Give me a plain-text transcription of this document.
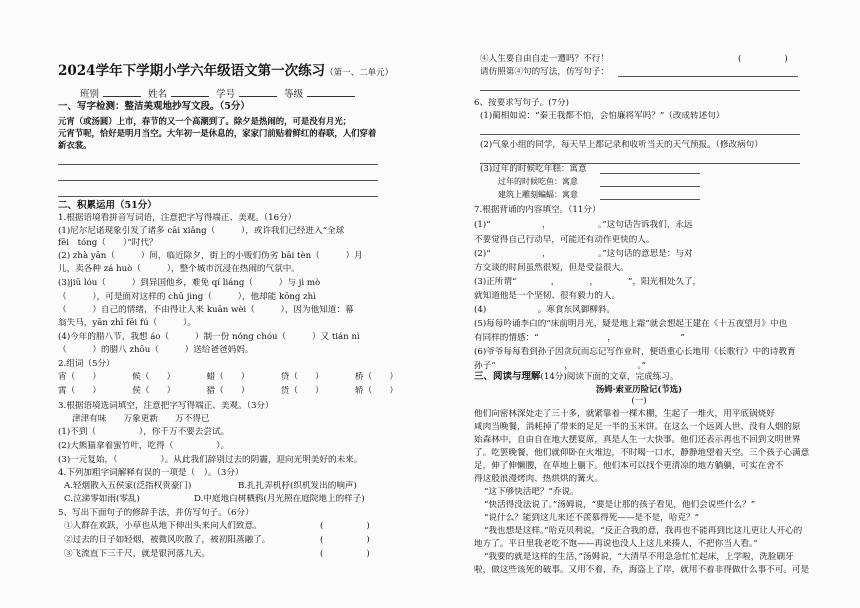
2024学年下学期小学六年级语文第一次练习（第一、二单元）
班别	姓名	学号	等级
一、写字检测：整洁美观地抄写文段。（5分）
元宵（或汤圆）上市，春节的又一个高潮到了。除夕是热闹的，可是没有月光；
元宵节呢，恰好是明月当空。大年初一是休息的，家家门前贴着鲜红的春联，人们穿着
新衣裳。
二、积累运用（51分）
1.根据语境看拼音写词语，注意把字写得端正、美观。（16分）
(1)尼尔尼诺现象引发了诸多 cāi xiǎng（　　　），或许我们已经进入“全球
fēi　tóng（　　）”时代？
(2) zhà yān（　　　）间，临近除夕，街上的小贩们伪劣 bāi tèn（　　　）月
儿，卖各种 zá huò（　　　），整个城市沉浸在热闹的气氛中。
(3)jiū lóu（　　　）到异国他乡，难免 qí liáng（　　　）与 jì mò
（　　　），可是面对这样的 chū jìng（　　　），他却能 kōng zhì
（　　　）自己的情绪，不由得让人来 kuān wèi（　　　），因为他知道：幕
翁失马，yān zhī fēi fú（　　　）。
(4)今年的腊八节，我想 áo（　　　）制一份 nóng chóu（　　　）又 tián nì
（　　　）的腊八 zhōu（　　　）送给爸爸妈妈。
2.组词（5分）
宵（　　）	候（　　）	蜡（　　）	贷（　　）	桥（　　）
霄（　　）	侯（　　）	猎（　　）	货（　　）	轿（　　）
3.根据语境选词填空，注意把字写得端正、美观。（3分）
津津有味　　万象更新　　万不得已
(1)不到（　　　　　），你千万不要去尝试。
(2)大熊猫拿着蜜竹叶，吃得（　　　　　）。
(3)一元复始，（　　　　　）。从此我们辞别过去的阴霾，迎向光明美好的未来。
4.下列加粗字词解释有误的一项是（　）。（3分）
A.轻烟散入五侯家(泛指权贵豪门)	B.扎扎弄机杼(织机发出的响声)
C.泣涕零如雨(零乱)	D.中庭地白树栖鸦(月光照在庭院地上的样子)
5、写出下面句子的修辞手法，并仿写句子。（6分）
①人群在欢跃，小草也从地下伸出头来向人们致意。	(　　　　　)
②过去的日子如轻烟，被微风吹散了，被初阳蒸融了。	(　　　　　)
③飞流直下三千尺，就是银河落九天。	(　　　　　)
④人生要自由自走一遭吗？不行！	(　　　　　)
请仿照第④句的写法，仿写句子：
6、按要求写句子。(7分)
(1)蔺相如说：“秦王我都不怕，会怕廉将军吗？”（改成转述句）
(2)气象小组的同学，每天早上都记录和收听当天的天气预报。（修改病句）
(3)过年的时候吃年糕：寓意
过年的时候吃鱼：寓意
建筑上雕刻蝙蝠：寓意
7.根据背诵的内容填空。（11分）
(1)“　　　　　　，　　　　　　。”这句话告诉我们，永远
不要觉得自己行动早，可能还有动作更快的人。
(2)“　　　　　　，　　　　　　。”这句话的意思是：与对
方交谈的时间虽然很短，但是受益很大。
(3)正所谓“　　　　，　　　　，　　　　”，阳光相处久了，
就知道他是一个坚韧、很有毅力的人。
(4)　　　　　　。寒食东风御柳斜。
(5)每每吟诵李白的“床前明月光，疑是地上霜”就会想起王建在《十五夜望月》中也
有同样的情感：“　　　　　　　　，　　　　　　　　”
(6)爷爷每每看到孙子因贪玩而忘记写作业时，便语重心长地用《长歌行》中的诗教育
孙子“　　　　　　　　，　　　　　　　　。”
三、阅读与理解(14分)阅读下面的文章，完成练习。
汤姆·索亚历险记(节选)
(一)
他们向密林深处走了三十多，就紧靠着一棵木棚，生起了一堆火，用平底锅烧好
咸肉当晚餐，消耗掉了带来的足足一半的玉米饼。在这么一个远离人世、没有人烟的原
始森林中，自由自在地大摆宴席，真是人生一大快事。他们还表示再也不回到文明世界
了。吃罢晚餐，他们就仰卧在火堆边，不时喝一口水，静静地望着天空。三个孩子心满意
足，伸了伸懒腰，在草地上躺下。他们本可以找个更清凉的地方躺躺，可实在舍不
得这般浪漫烤肉、热烘烘的篝火。
“这下够快活吧？”乔说。
“快活得没法说了。”汤姆说，“要是让那的孩子看见，他们会说些什么？”
“说什么？能到这儿来还不羡慕得死——是不是，哈克？”
“我也想是这样。”哈克贝利说，“反正合我的意，我再也不能再到比这儿更让人开心的
地方了。平日里我老吃不饱——再说也没人上这儿来揍人，不把你当人看。”
“我要的就是这样的生活，”汤姆说，“大清早不用急急忙忙起床，上学啦，洗脸刷牙
啦，做这些该死的破事。又用不着，乔，海盗上了岸，就用不着非得做什么事不可。可是
